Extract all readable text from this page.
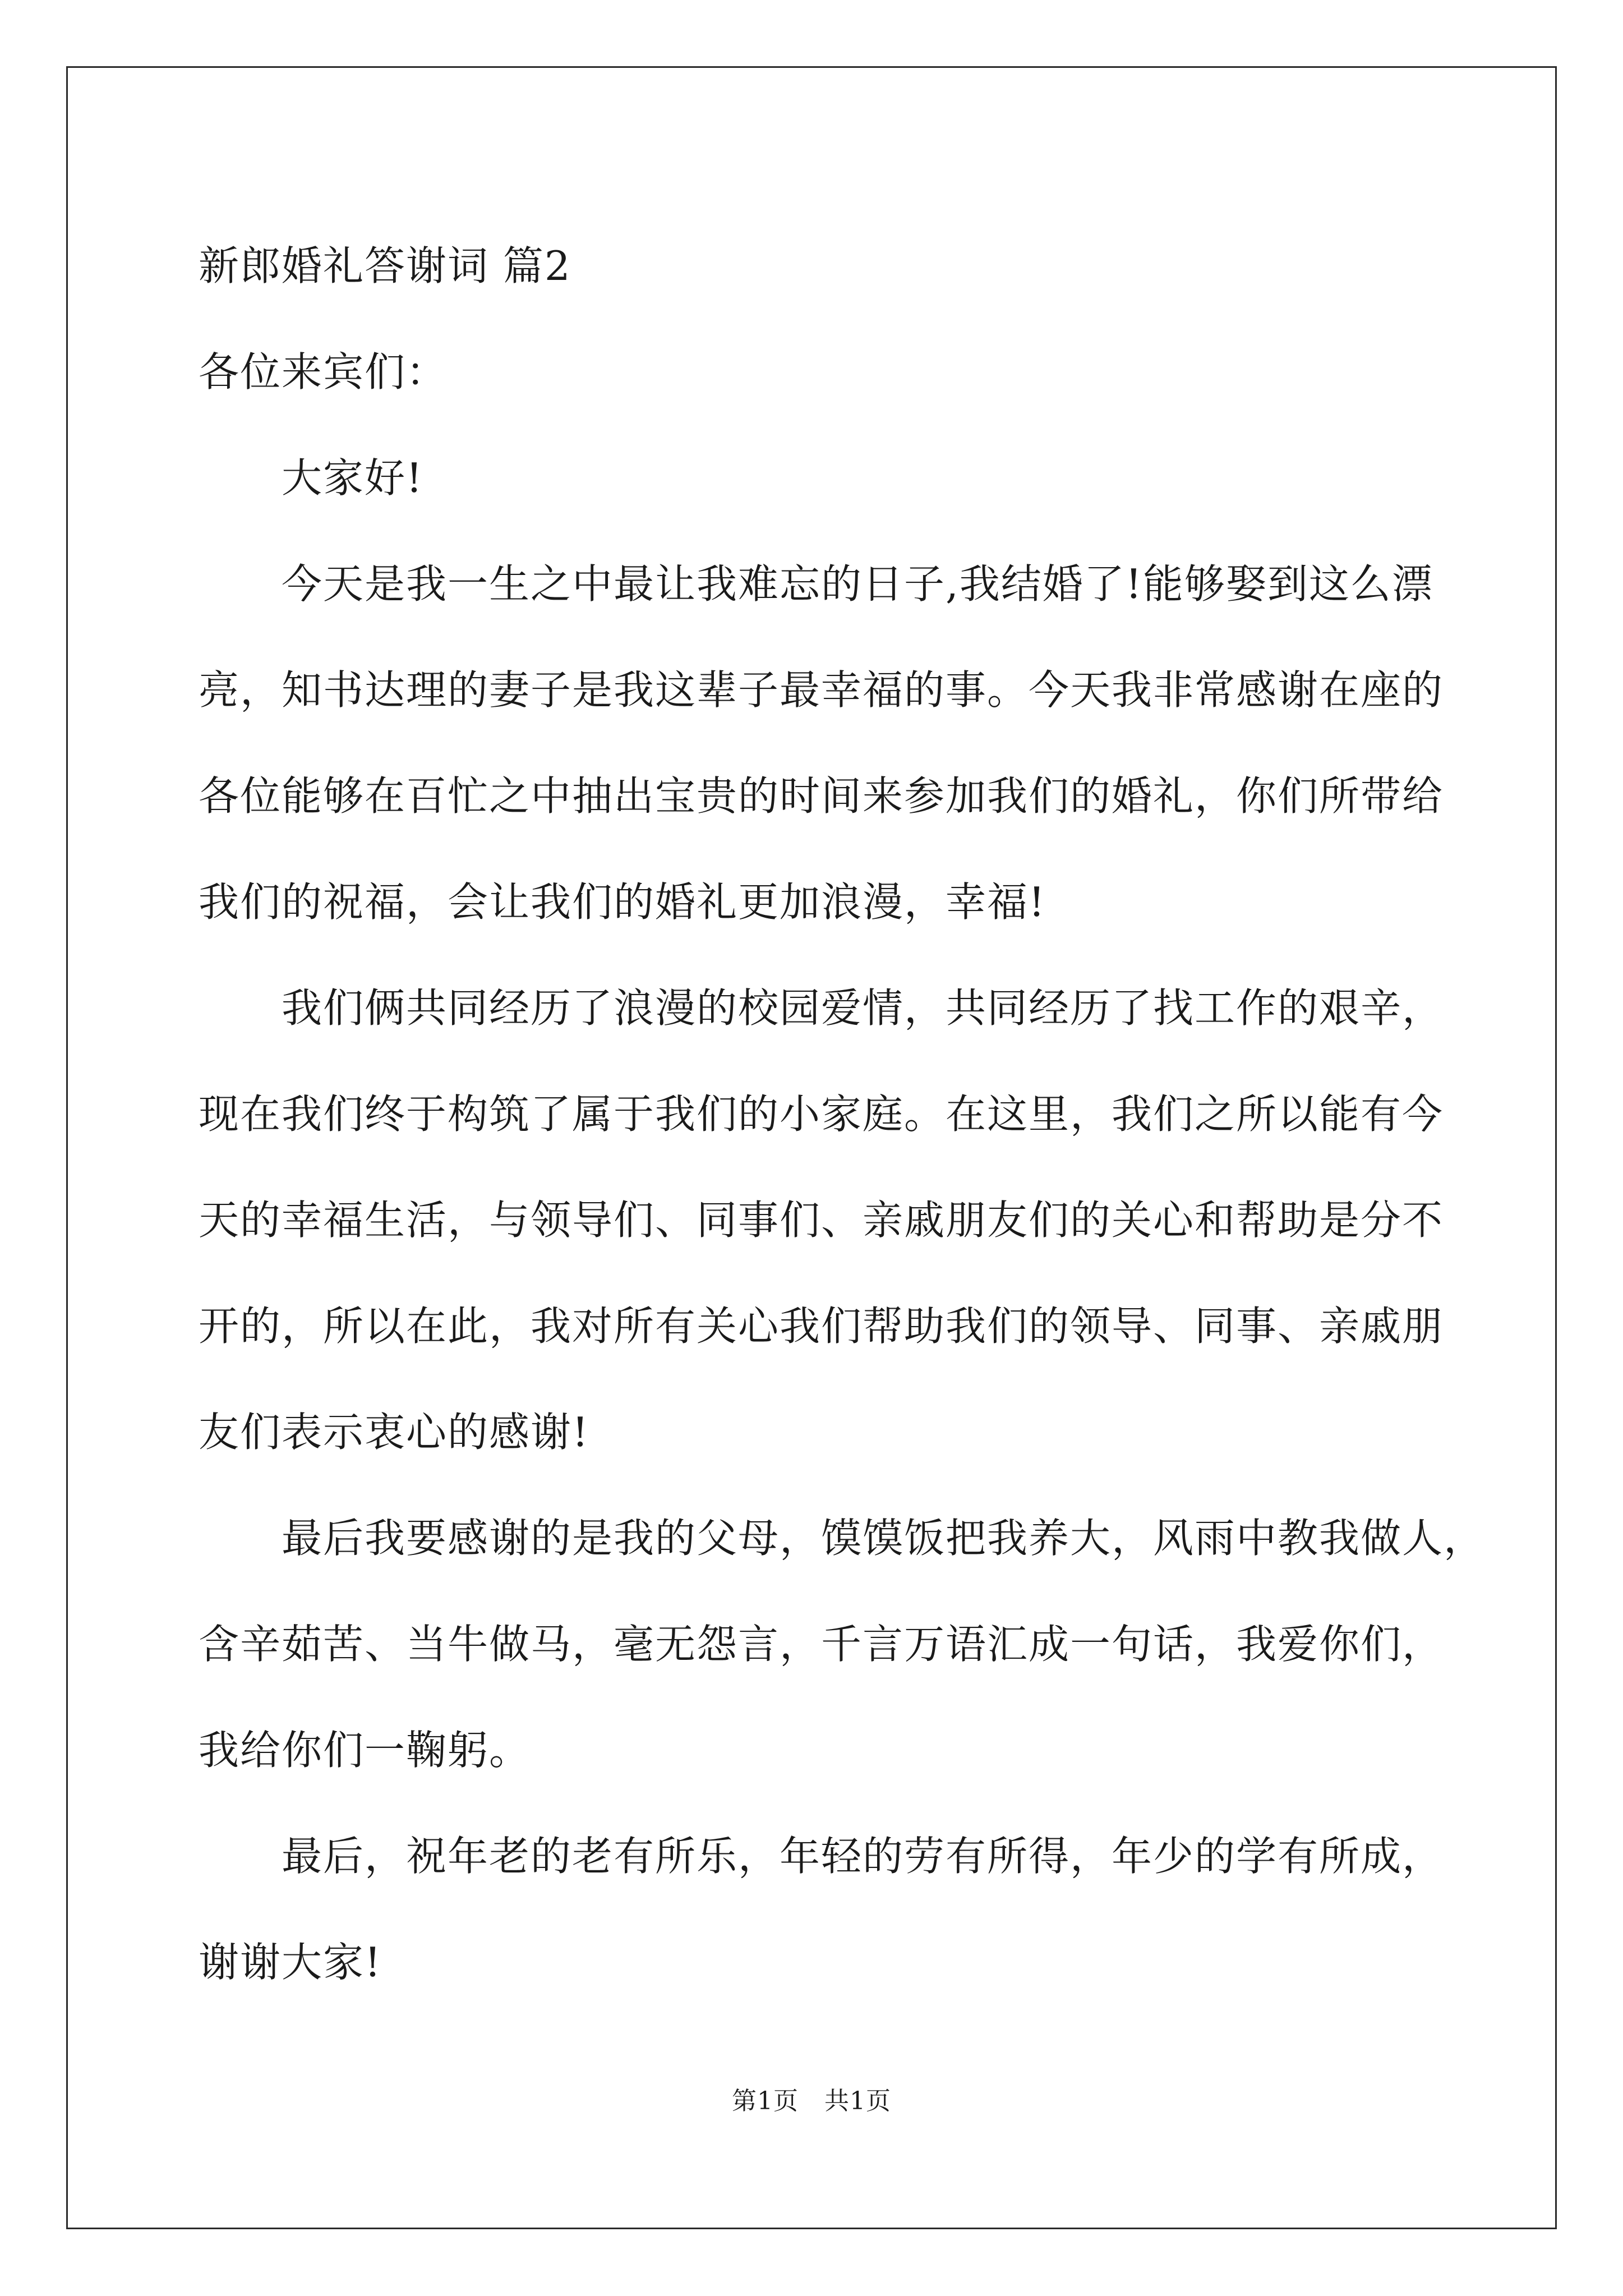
新郎婚礼答谢词 篇2
各位来宾们：
大家好!
今天是我一生之中最让我难忘的日子,我结婚了!能够娶到这么漂
亮，知书达理的妻子是我这辈子最幸福的事。今天我非常感谢在座的
各位能够在百忙之中抽出宝贵的时间来参加我们的婚礼，你们所带给
我们的祝福，会让我们的婚礼更加浪漫，幸福!
我们俩共同经历了浪漫的校园爱情，共同经历了找工作的艰辛，
现在我们终于构筑了属于我们的小家庭。在这里，我们之所以能有今
天的幸福生活，与领导们、同事们、亲戚朋友们的关心和帮助是分不
开的，所以在此，我对所有关心我们帮助我们的领导、同事、亲戚朋
友们表示衷心的感谢!
最后我要感谢的是我的父母，馍馍饭把我养大，风雨中教我做人，
含辛茹苦、当牛做马，毫无怨言，千言万语汇成一句话，我爱你们，
我给你们一鞠躬。
最后，祝年老的老有所乐，年轻的劳有所得，年少的学有所成，
谢谢大家!
第1页 共1页
